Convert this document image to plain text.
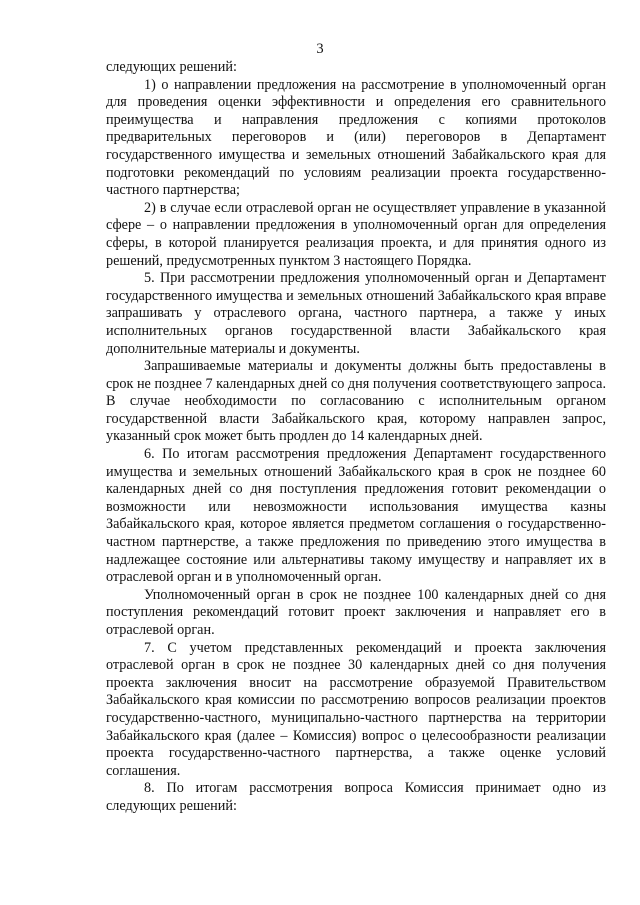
3

следующих решений:

1) о направлении предложения на рассмотрение в уполномоченный орган для проведения оценки эффективности и определения его сравнительного преимущества и направления предложения с копиями протоколов предварительных переговоров и (или) переговоров в Департамент государственного имущества и земельных отношений Забайкальского края для подготовки рекомендаций по условиям реализации проекта государственно-частного партнерства;

2) в случае если отраслевой орган не осуществляет управление в указанной сфере – о направлении предложения в уполномоченный орган для определения сферы, в которой планируется реализация проекта, и для принятия одного из решений, предусмотренных пунктом 3 настоящего Порядка.

5. При рассмотрении предложения уполномоченный орган и Департамент государственного имущества и земельных отношений Забайкальского края вправе запрашивать у отраслевого органа, частного партнера, а также у иных исполнительных органов государственной власти Забайкальского края дополнительные материалы и документы.

Запрашиваемые материалы и документы должны быть предоставлены в срок не позднее 7 календарных дней со дня получения соответствующего запроса. В случае необходимости по согласованию с исполнительным органом государственной власти Забайкальского края, которому направлен запрос, указанный срок может быть продлен до 14 календарных дней.

6. По итогам рассмотрения предложения Департамент государственного имущества и земельных отношений Забайкальского края в срок не позднее 60 календарных дней со дня поступления предложения готовит рекомендации о возможности или невозможности использования имущества казны Забайкальского края, которое является предметом соглашения о государственно-частном партнерстве, а также предложения по приведению этого имущества в надлежащее состояние или альтернативы такому имуществу и направляет их в отраслевой орган и в уполномоченный орган.

Уполномоченный орган в срок не позднее 100 календарных дней со дня поступления рекомендаций готовит проект заключения и направляет его в отраслевой орган.

7. С учетом представленных рекомендаций и проекта заключения отраслевой орган в срок не позднее 30 календарных дней со дня получения проекта заключения вносит на рассмотрение образуемой Правительством Забайкальского края комиссии по рассмотрению вопросов реализации проектов государственно-частного, муниципально-частного партнерства на территории Забайкальского края (далее – Комиссия) вопрос о целесообразности реализации проекта государственно-частного партнерства, а также оценке условий соглашения.

8. По итогам рассмотрения вопроса Комиссия принимает одно из следующих решений:
